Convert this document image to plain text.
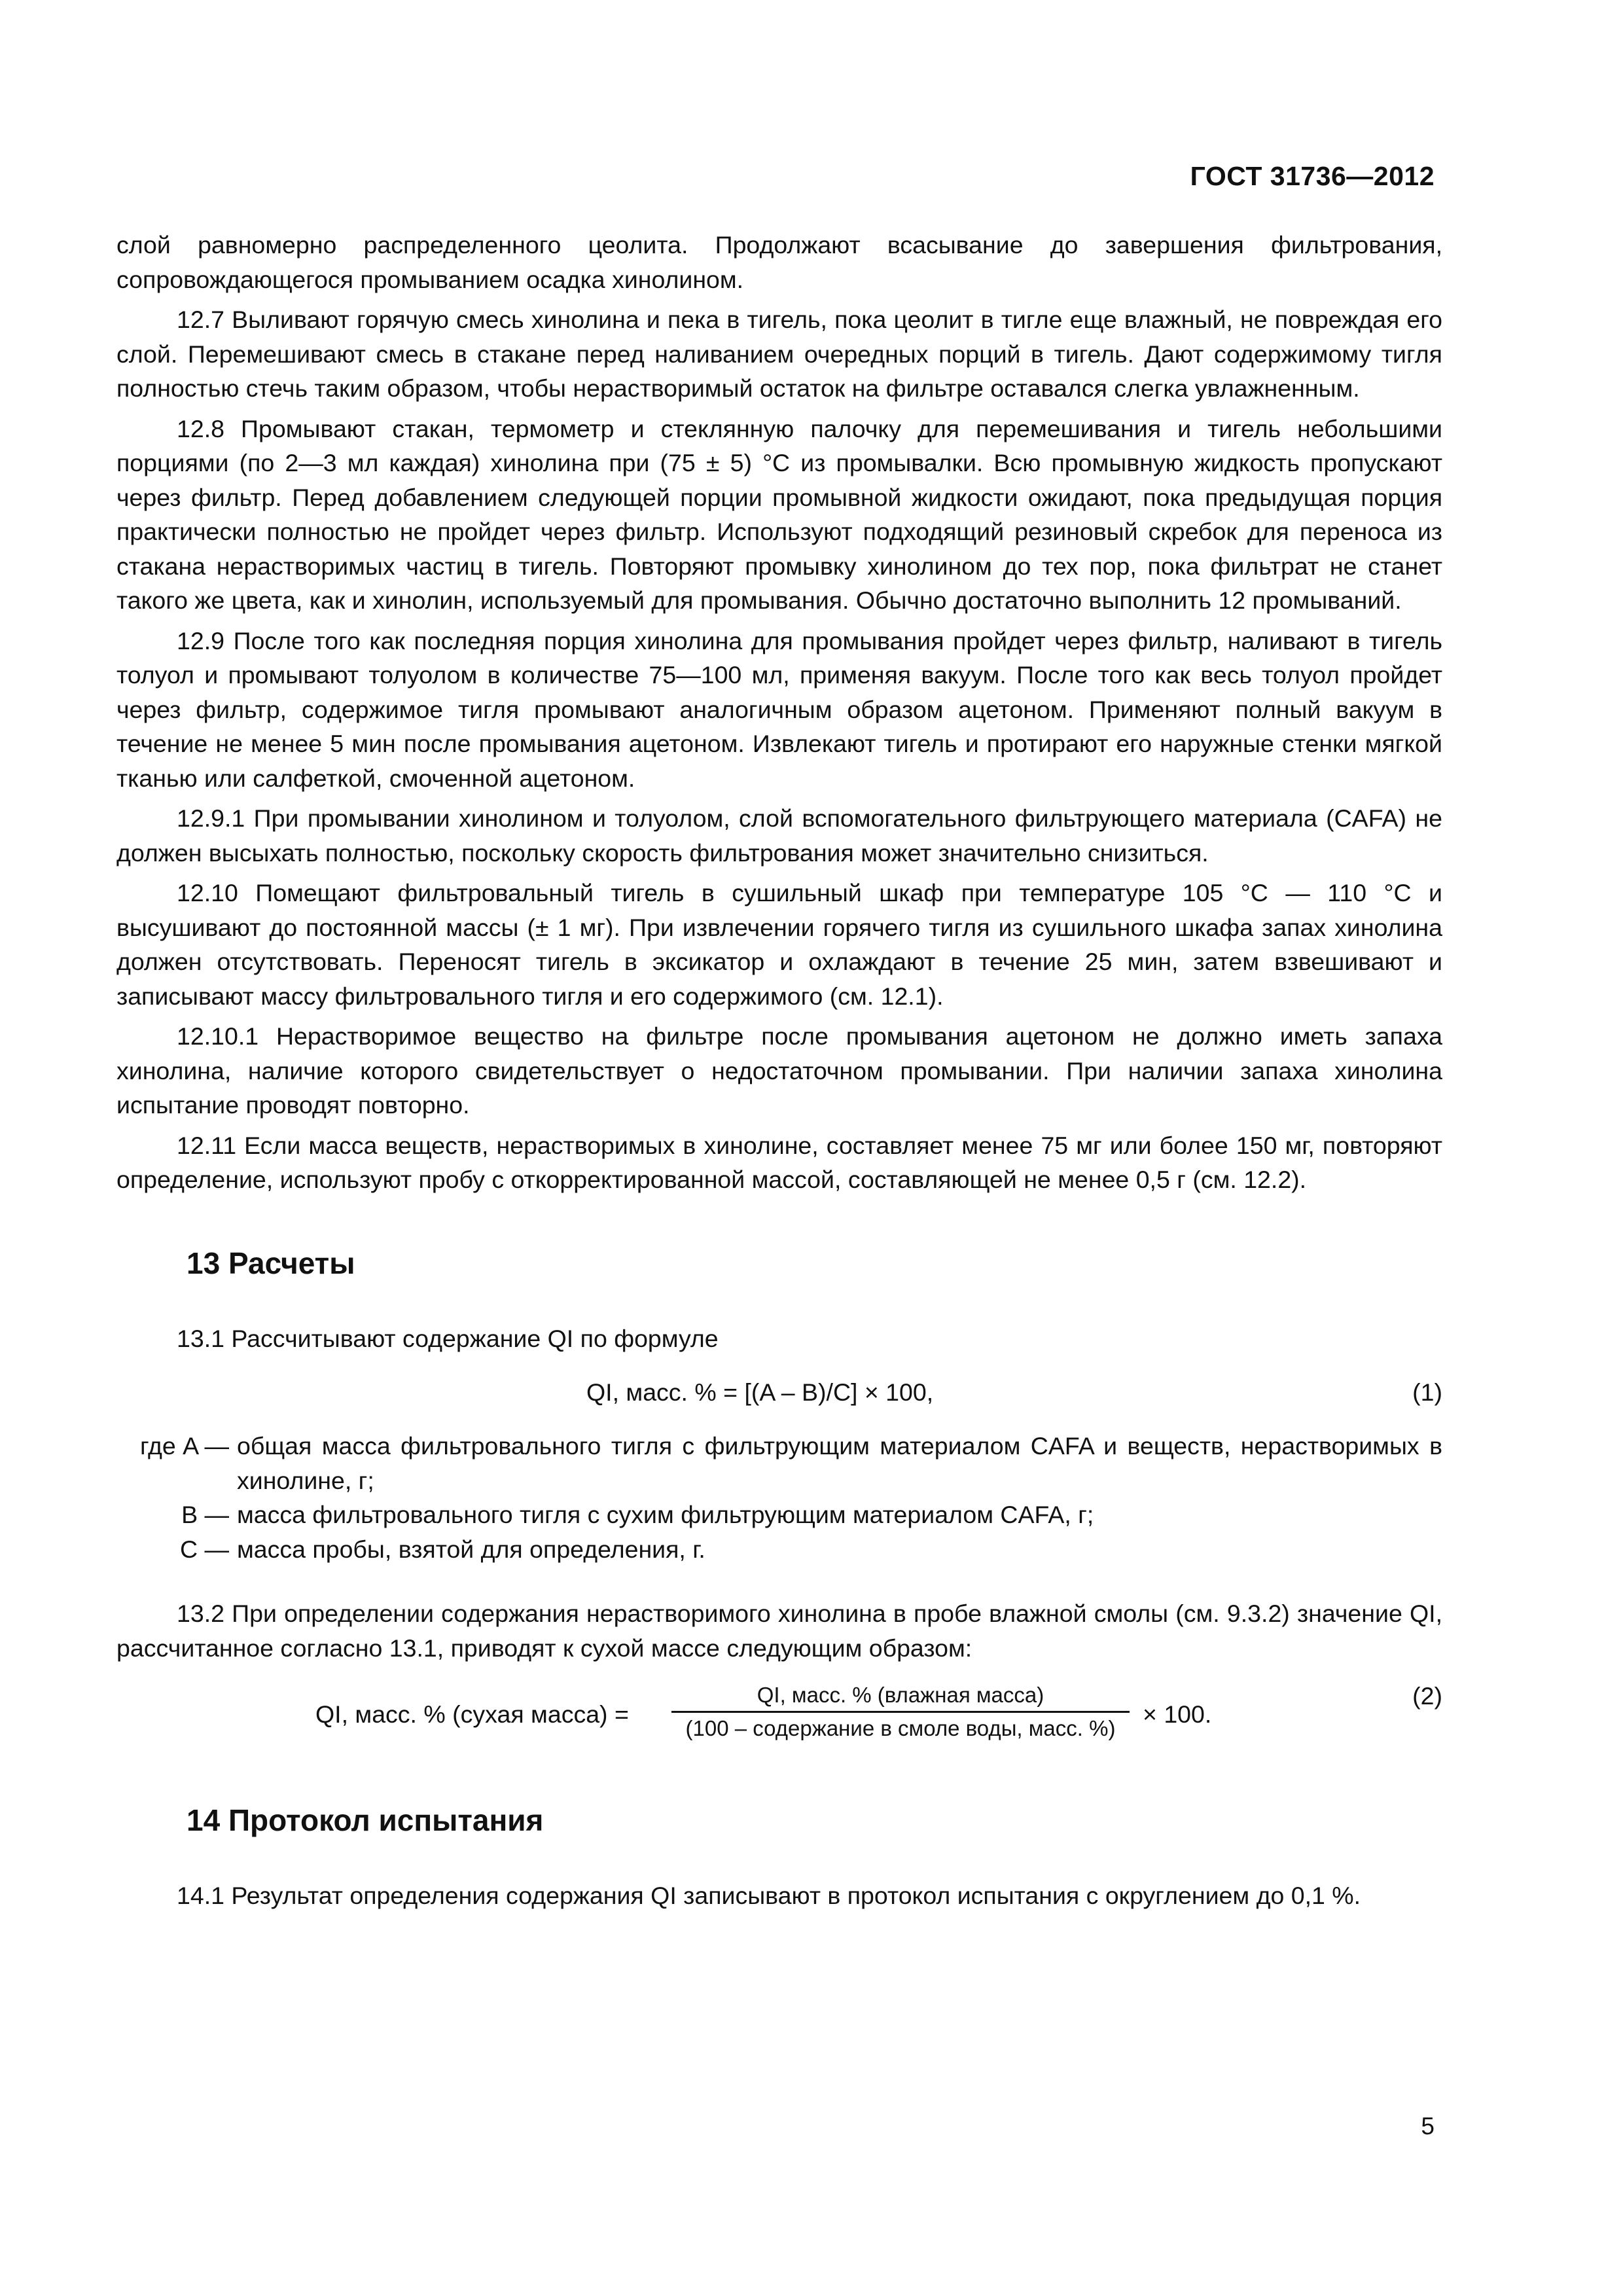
ГОСТ 31736—2012
слой равномерно распределенного цеолита. Продолжают всасывание до завершения фильтрования, сопровождающегося промыванием осадка хинолином.
12.7 Выливают горячую смесь хинолина и пека в тигель, пока цеолит в тигле еще влажный, не повреждая его слой. Перемешивают смесь в стакане перед наливанием очередных порций в тигель. Дают содержимому тигля полностью стечь таким образом, чтобы нерастворимый остаток на фильтре оставался слегка увлажненным.
12.8 Промывают стакан, термометр и стеклянную палочку для перемешивания и тигель небольшими порциями (по 2—3 мл каждая) хинолина при (75 ± 5) °С из промывалки. Всю промывную жидкость пропускают через фильтр. Перед добавлением следующей порции промывной жидкости ожидают, пока предыдущая порция практически полностью не пройдет через фильтр. Используют подходящий резиновый скребок для переноса из стакана нерастворимых частиц в тигель. Повторяют промывку хинолином до тех пор, пока фильтрат не станет такого же цвета, как и хинолин, используемый для промывания. Обычно достаточно выполнить 12 промываний.
12.9 После того как последняя порция хинолина для промывания пройдет через фильтр, наливают в тигель толуол и промывают толуолом в количестве 75—100 мл, применяя вакуум. После того как весь толуол пройдет через фильтр, содержимое тигля промывают аналогичным образом ацетоном. Применяют полный вакуум в течение не менее 5 мин после промывания ацетоном. Извлекают тигель и протирают его наружные стенки мягкой тканью или салфеткой, смоченной ацетоном.
12.9.1 При промывании хинолином и толуолом, слой вспомогательного фильтрующего материала (CAFA) не должен высыхать полностью, поскольку скорость фильтрования может значительно снизиться.
12.10 Помещают фильтровальный тигель в сушильный шкаф при температуре 105 °С — 110 °С и высушивают до постоянной массы (± 1 мг). При извлечении горячего тигля из сушильного шкафа запах хинолина должен отсутствовать. Переносят тигель в эксикатор и охлаждают в течение 25 мин, затем взвешивают и записывают массу фильтровального тигля и его содержимого (см. 12.1).
12.10.1 Нерастворимое вещество на фильтре после промывания ацетоном не должно иметь запаха хинолина, наличие которого свидетельствует о недостаточном промывании. При наличии запаха хинолина испытание проводят повторно.
12.11 Если масса веществ, нерастворимых в хинолине, составляет менее 75 мг или более 150 мг, повторяют определение, используют пробу с откорректированной массой, составляющей не менее 0,5 г (см. 12.2).
13 Расчеты
13.1 Рассчитывают содержание QI по формуле
QI, масс. % = [(A – B)/C] × 100,	(1)
где A — общая масса фильтровального тигля с фильтрующим материалом CAFA и веществ, нерастворимых в хинолине, г;
B — масса фильтровального тигля с сухим фильтрующим материалом CAFA, г;
C — масса пробы, взятой для определения, г.
13.2 При определении содержания нерастворимого хинолина в пробе влажной смолы (см. 9.3.2) значение QI, рассчитанное согласно 13.1, приводят к сухой массе следующим образом:
QI, масс. % (сухая масса) =
QI, масс. % (влажная масса)
(100 – содержание в смоле воды, масс. %)
× 100.
(2)
14 Протокол испытания
14.1 Результат определения содержания QI записывают в протокол испытания с округлением до 0,1 %.
5
